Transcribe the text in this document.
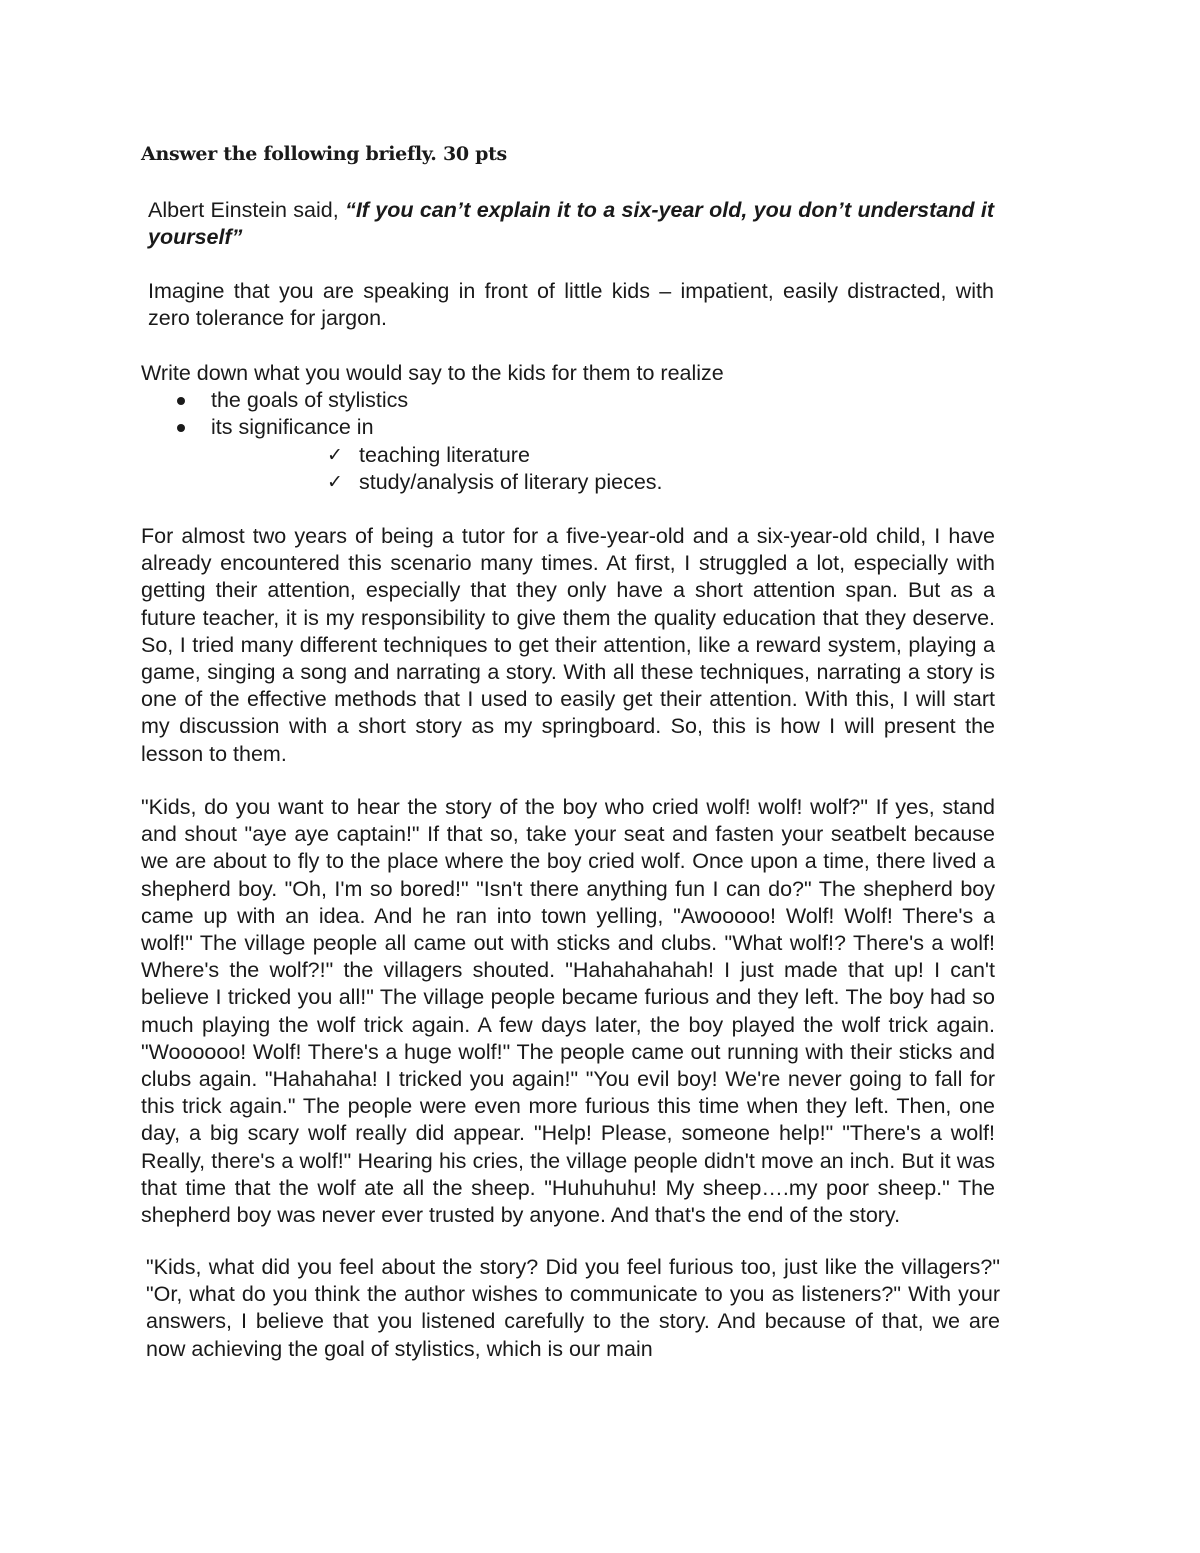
Answer the following briefly. 30 pts

Albert Einstein said, “If you can’t explain it to a six-year old, you don’t understand it yourself”

Imagine that you are speaking in front of little kids – impatient, easily distracted, with zero tolerance for jargon.

Write down what you would say to the kids for them to realize
the goals of stylistics
its significance in
✓ teaching literature
✓ study/analysis of literary pieces.

For almost two years of being a tutor for a five-year-old and a six-year-old child, I have already encountered this scenario many times. At first, I struggled a lot, especially with getting their attention, especially that they only have a short attention span. But as a future teacher, it is my responsibility to give them the quality education that they deserve. So, I tried many different techniques to get their attention, like a reward system, playing a game, singing a song and narrating a story. With all these techniques, narrating a story is one of the effective methods that I used to easily get their attention. With this, I will start my discussion with a short story as my springboard. So, this is how I will present the lesson to them.

"Kids, do you want to hear the story of the boy who cried wolf! wolf! wolf?" If yes, stand and shout "aye aye captain!" If that so, take your seat and fasten your seatbelt because we are about to fly to the place where the boy cried wolf. Once upon a time, there lived a shepherd boy. "Oh, I'm so bored!" "Isn't there anything fun I can do?" The shepherd boy came up with an idea. And he ran into town yelling, "Awooooo! Wolf! Wolf! There's a wolf!" The village people all came out with sticks and clubs. "What wolf!? There's a wolf! Where's the wolf?!" the villagers shouted. "Hahahahahah! I just made that up! I can't believe I tricked you all!" The village people became furious and they left. The boy had so much playing the wolf trick again. A few days later, the boy played the wolf trick again. "Woooooo! Wolf! There's a huge wolf!" The people came out running with their sticks and clubs again. "Hahahaha! I tricked you again!" "You evil boy! We're never going to fall for this trick again." The people were even more furious this time when they left. Then, one day, a big scary wolf really did appear. "Help! Please, someone help!" "There's a wolf! Really, there's a wolf!" Hearing his cries, the village people didn't move an inch. But it was that time that the wolf ate all the sheep. "Huhuhuhu! My sheep….my poor sheep." The shepherd boy was never ever trusted by anyone. And that's the end of the story.

"Kids, what did you feel about the story? Did you feel furious too, just like the villagers?" "Or, what do you think the author wishes to communicate to you as listeners?" With your answers, I believe that you listened carefully to the story. And because of that, we are now achieving the goal of stylistics, which is our main
